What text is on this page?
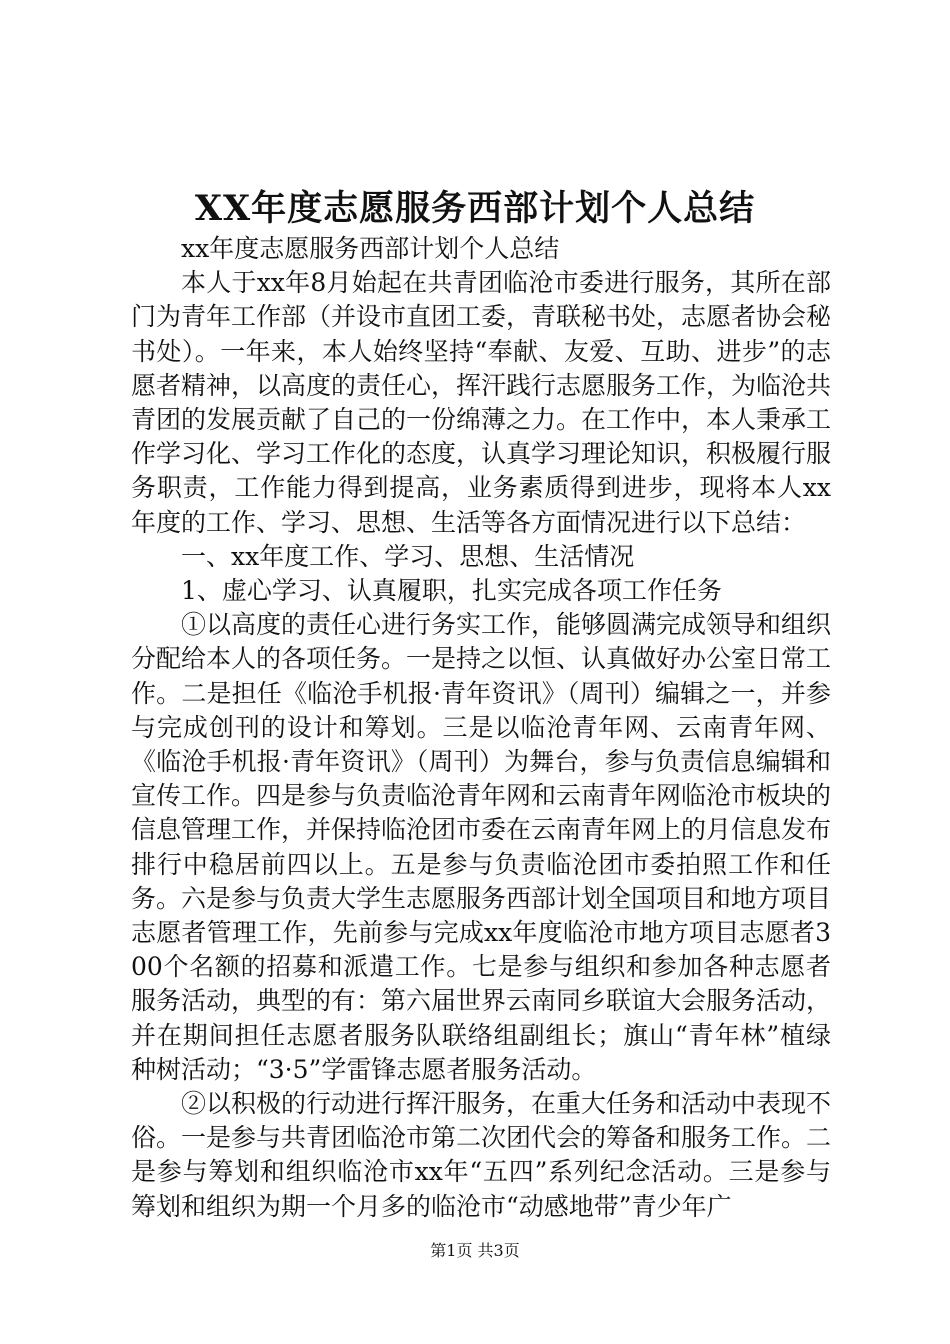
XX年度志愿服务西部计划个人总结

xx年度志愿服务西部计划个人总结

本人于xx年8月始起在共青团临沧市委进行服务，其所在部门为青年工作部（并设市直团工委，青联秘书处，志愿者协会秘书处）。一年来，本人始终坚持“奉献、友爱、互助、进步”的志愿者精神，以高度的责任心，挥汗践行志愿服务工作，为临沧共青团的发展贡献了自己的一份绵薄之力。在工作中，本人秉承工作学习化、学习工作化的态度，认真学习理论知识，积极履行服务职责，工作能力得到提高，业务素质得到进步，现将本人xx年度的工作、学习、思想、生活等各方面情况进行以下总结：

一、xx年度工作、学习、思想、生活情况

1、虚心学习、认真履职，扎实完成各项工作任务

①以高度的责任心进行务实工作，能够圆满完成领导和组织分配给本人的各项任务。一是持之以恒、认真做好办公室日常工作。二是担任《临沧手机报·青年资讯》（周刊）编辑之一，并参与完成创刊的设计和筹划。三是以临沧青年网、云南青年网、《临沧手机报·青年资讯》（周刊）为舞台，参与负责信息编辑和宣传工作。四是参与负责临沧青年网和云南青年网临沧市板块的信息管理工作，并保持临沧团市委在云南青年网上的月信息发布排行中稳居前四以上。五是参与负责临沧团市委拍照工作和任务。六是参与负责大学生志愿服务西部计划全国项目和地方项目志愿者管理工作，先前参与完成xx年度临沧市地方项目志愿者300个名额的招募和派遣工作。七是参与组织和参加各种志愿者服务活动，典型的有：第六届世界云南同乡联谊大会服务活动，并在期间担任志愿者服务队联络组副组长；旗山“青年林”植绿种树活动；“3·5”学雷锋志愿者服务活动。

②以积极的行动进行挥汗服务，在重大任务和活动中表现不俗。一是参与共青团临沧市第二次团代会的筹备和服务工作。二是参与筹划和组织临沧市xx年“五四”系列纪念活动。三是参与筹划和组织为期一个月多的临沧市“动感地带”青少年广

第1页 共3页
